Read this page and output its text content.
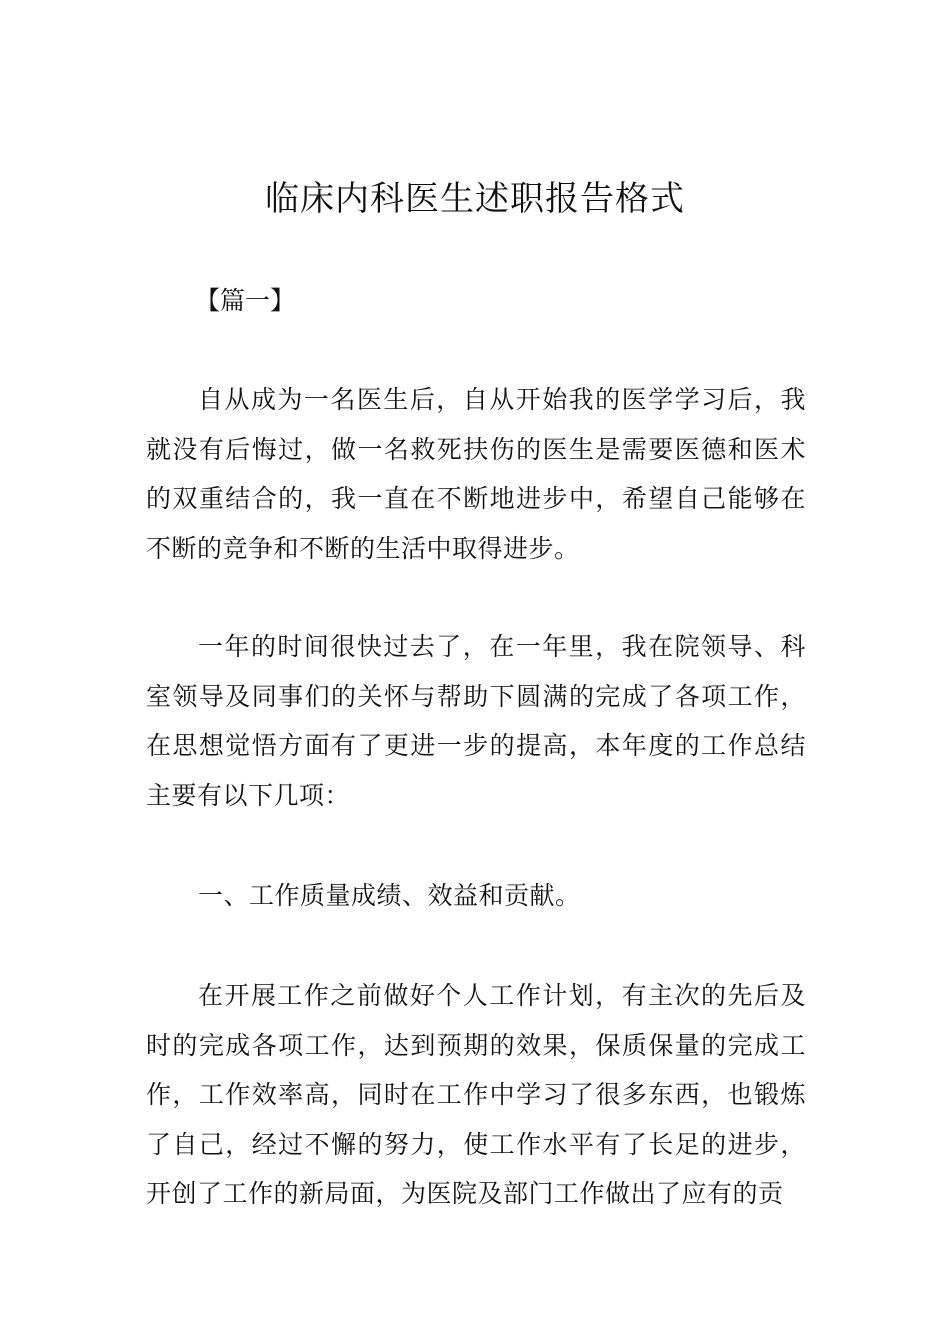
临床内科医生述职报告格式

【篇一】

自从成为一名医生后，自从开始我的医学学习后，我就没有后悔过，做一名救死扶伤的医生是需要医德和医术的双重结合的，我一直在不断地进步中，希望自己能够在不断的竞争和不断的生活中取得进步。

一年的时间很快过去了，在一年里，我在院领导、科室领导及同事们的关怀与帮助下圆满的完成了各项工作，在思想觉悟方面有了更进一步的提高，本年度的工作总结主要有以下几项：

一、工作质量成绩、效益和贡献。

在开展工作之前做好个人工作计划，有主次的先后及时的完成各项工作，达到预期的效果，保质保量的完成工作，工作效率高，同时在工作中学习了很多东西，也锻炼了自己，经过不懈的努力，使工作水平有了长足的进步，开创了工作的新局面，为医院及部门工作做出了应有的贡
